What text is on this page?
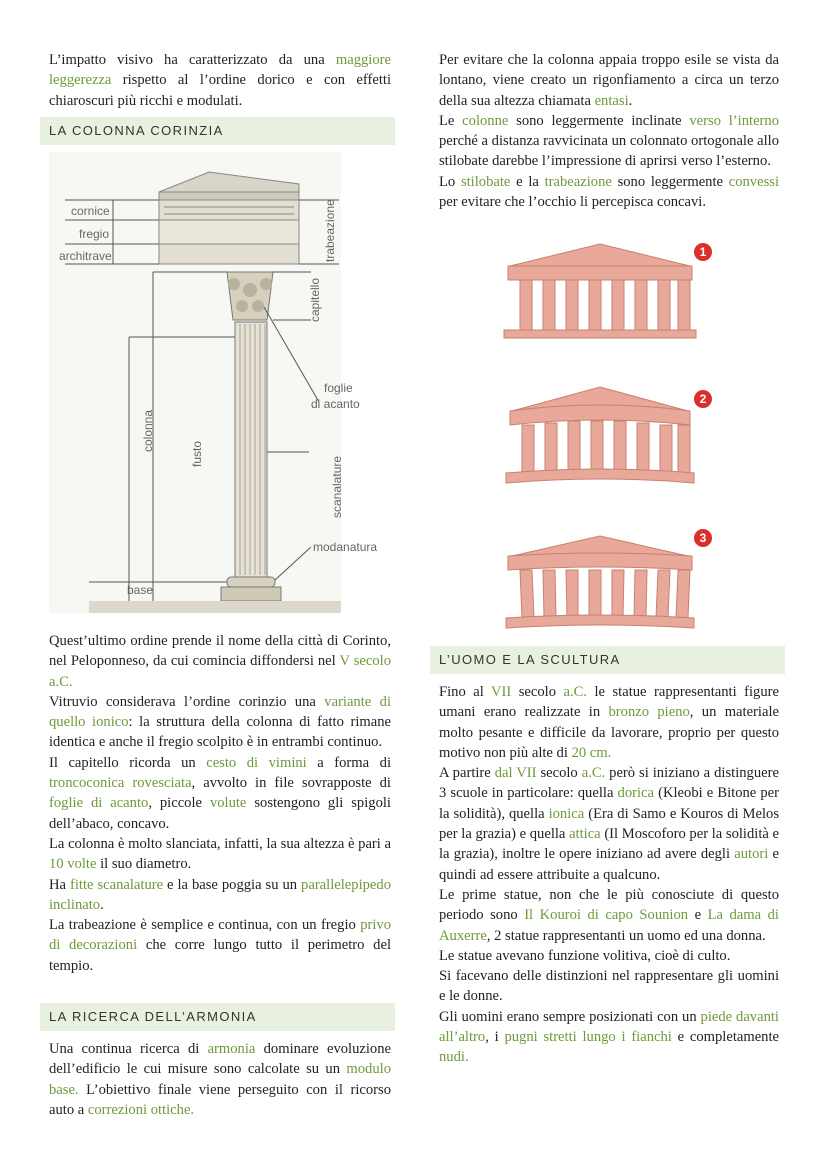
L’impatto visivo ha caratterizzato da una maggiore leggerezza rispetto al l’ordine dorico e con effetti chiaroscuri più ricchi e modulati.

LA COLONNA CORINZIA
cornice
fregio
architrave	trabeazione
capitello
foglie
di acanto
colonna
fusto
scanalature
modanatura
base

Quest’ultimo ordine prende il nome della città di Corinto, nel Peloponneso, da cui comincia diffondersi nel V secolo a.C.

Vitruvio considerava l’ordine corinzio una variante di quello ionico: la struttura della colonna di fatto rimane identica e anche il fregio scolpito è in entrambi continuo.

Il capitello ricorda un cesto di vimini a forma di troncoconica rovesciata, avvolto in file sovrapposte di foglie di acanto, piccole volute sostengono gli spigoli dell’abaco, concavo.

La colonna è molto slanciata, infatti, la sua altezza è pari a 10 volte il suo diametro.

Ha fitte scanalature e la base poggia su un parallelepipedo inclinato.

La trabeazione è semplice e continua, con un fregio privo di decorazioni che corre lungo tutto il perimetro del tempio.

LA RICERCA DELL’ARMONIA

Una continua ricerca di armonia dominare evoluzione dell’edificio le cui misure sono calcolate su un modulo base. L’obiettivo finale viene perseguito con il ricorso auto a correzioni ottiche.

Per evitare che la colonna appaia troppo esile se vista da lontano, viene creato un rigonfiamento a circa un terzo della sua altezza chiamata entasi.

Le colonne sono leggermente inclinate verso l’interno perché a distanza ravvicinata un colonnato ortogonale allo stilobate darebbe l’impressione di aprirsi verso l’esterno.

Lo stilobate e la trabeazione sono leggermente convessi per evitare che l’occhio li percepisca concavi.

1
2
3
L’UOMO E LA SCULTURA

Fino al VII secolo a.C. le statue rappresentanti figure umani erano realizzate in bronzo pieno, un materiale molto pesante e difficile da lavorare, proprio per questo motivo non più alte di 20 cm.

A partire dal VII secolo a.C. però si iniziano a distinguere 3 scuole in particolare: quella dorica (Kleobi e Bitone per la solidità), quella ionica (Era di Samo e Kouros di Melos per la grazia) e quella attica (Il Moscoforo per la solidità e la grazia), inoltre le opere iniziano ad avere degli autori e quindi ad essere attribuite a qualcuno.

Le prime statue, non che le più conosciute di questo periodo sono Il Kouroi di capo Sounion e La dama di Auxerre, 2 statue rappresentanti un uomo ed una donna.

Le statue avevano funzione volitiva, cioè di culto.

Si facevano delle distinzioni nel rappresentare gli uomini e le donne.

Gli uomini erano sempre posizionati con un piede davanti all’altro, i pugni stretti lungo i fianchi e completamente nudi.
